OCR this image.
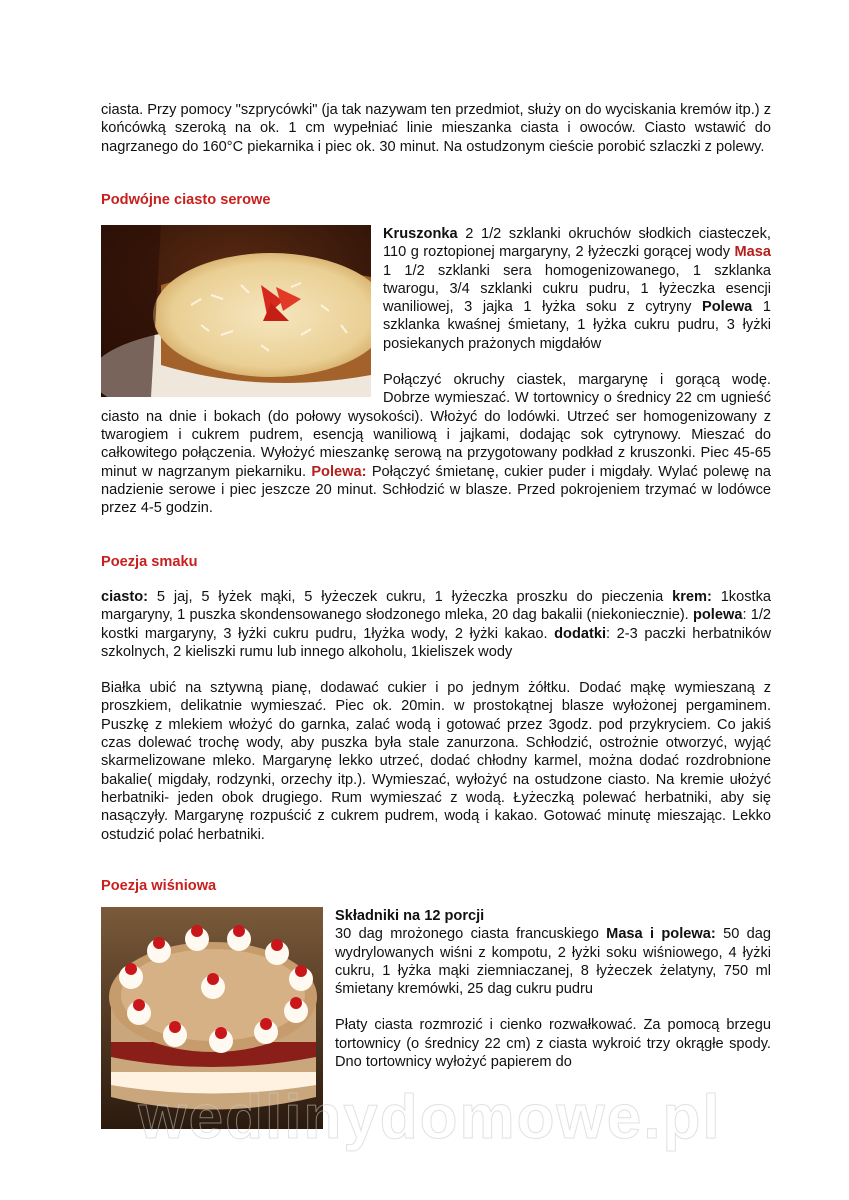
ciasta. Przy pomocy "szprycówki" (ja tak nazywam ten przedmiot, służy on do wyciskania kremów itp.) z końcówką szeroką na ok. 1 cm wypełniać linie mieszanka ciasta i owoców. Ciasto wstawić do nagrzanego do 160°C piekarnika i piec ok. 30 minut. Na ostudzonym cieście porobić szlaczki z polewy.

Podwójne ciasto serowe

Kruszonka 2 1/2 szklanki okruchów słodkich ciasteczek, 110 g roztopionej margaryny, 2 łyżeczki gorącej wody Masa 1 1/2 szklanki sera homogenizowanego, 1 szklanka twarogu, 3/4 szklanki cukru pudru, 1 łyżeczka esencji waniliowej, 3 jajka 1 łyżka soku z cytryny Polewa 1 szklanka kwaśnej śmietany, 1 łyżka cukru pudru, 3 łyżki posiekanych prażonych migdałów

Połączyć okruchy ciastek, margarynę i gorącą wodę. Dobrze wymieszać. W tortownicy o średnicy 22 cm ugnieść ciasto na dnie i bokach (do połowy wysokości). Włożyć do lodówki. Utrzeć ser homogenizowany z twarogiem i cukrem pudrem, esencją waniliową i jajkami, dodając sok cytrynowy. Mieszać do całkowitego połączenia. Wyłożyć mieszankę serową na przygotowany podkład z kruszonki. Piec 45-65 minut w nagrzanym piekarniku. Polewa: Połączyć śmietanę, cukier puder i migdały. Wylać polewę na nadzienie serowe i piec jeszcze 20 minut. Schłodzić w blasze. Przed pokrojeniem trzymać w lodówce przez 4-5 godzin.

Poezja smaku

ciasto: 5 jaj, 5 łyżek mąki, 5 łyżeczek cukru, 1 łyżeczka proszku do pieczenia krem: 1kostka margaryny, 1 puszka skondensowanego słodzonego mleka, 20 dag bakalii (niekoniecznie). polewa: 1/2 kostki margaryny, 3 łyżki cukru pudru, 1łyżka wody, 2 łyżki kakao. dodatki: 2-3 paczki herbatników szkolnych, 2 kieliszki rumu lub innego alkoholu, 1kieliszek wody

Białka ubić na sztywną pianę, dodawać cukier i po jednym żółtku. Dodać mąkę wymieszaną z proszkiem, delikatnie wymieszać. Piec ok. 20min. w prostokątnej blasze wyłożonej pergaminem. Puszkę z mlekiem włożyć do garnka, zalać wodą i gotować przez 3godz. pod przykryciem. Co jakiś czas dolewać trochę wody, aby puszka była stale zanurzona. Schłodzić, ostrożnie otworzyć, wyjąć skarmelizowane mleko. Margarynę lekko utrzeć, dodać chłodny karmel, można dodać rozdrobnione bakalie( migdały, rodzynki, orzechy itp.). Wymieszać, wyłożyć na ostudzone ciasto. Na kremie ułożyć herbatniki- jeden obok drugiego. Rum wymieszać z wodą. Łyżeczką polewać herbatniki, aby się nasączyły. Margarynę rozpuścić z cukrem pudrem, wodą i kakao. Gotować minutę mieszając. Lekko ostudzić polać herbatniki.

Poezja wiśniowa

Składniki na 12 porcji

30 dag mrożonego ciasta francuskiego Masa i polewa: 50 dag wydrylowanych wiśni z kompotu, 2 łyżki soku wiśniowego, 4 łyżki cukru, 1 łyżka mąki ziemniaczanej, 8 łyżeczek żelatyny, 750 ml śmietany kremówki, 25 dag cukru pudru

Płaty ciasta rozmrozić i cienko rozwałkować. Za pomocą brzegu tortownicy (o średnicy 22 cm) z ciasta wykroić trzy okrągłe spody. Dno tortownicy wyłożyć papierem do

wedlinydomowe.pl
